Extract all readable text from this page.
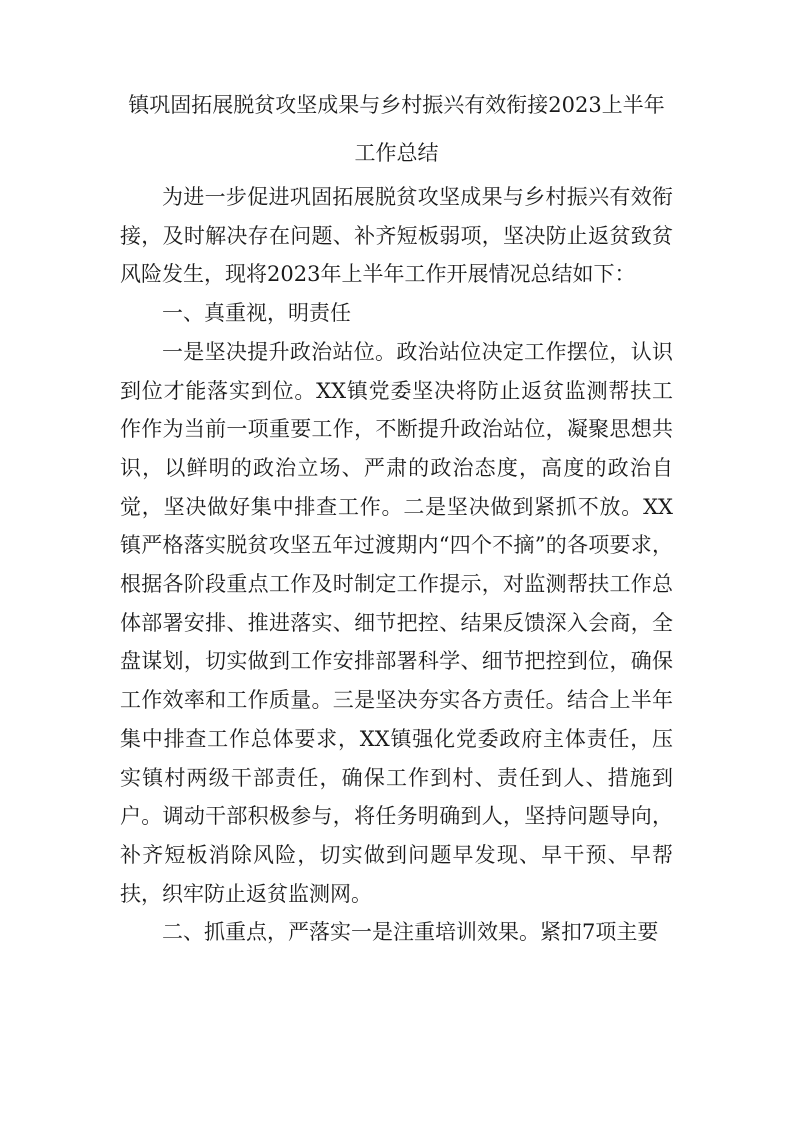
镇巩固拓展脱贫攻坚成果与乡村振兴有效衔接2023上半年
工作总结

为进一步促进巩固拓展脱贫攻坚成果与乡村振兴有效衔接，及时解决存在问题、补齐短板弱项，坚决防止返贫致贫风险发生，现将2023年上半年工作开展情况总结如下：

一、真重视，明责任

一是坚决提升政治站位。政治站位决定工作摆位，认识到位才能落实到位。XX镇党委坚决将防止返贫监测帮扶工作作为当前一项重要工作，不断提升政治站位，凝聚思想共识，以鲜明的政治立场、严肃的政治态度，高度的政治自觉，坚决做好集中排查工作。二是坚决做到紧抓不放。XX镇严格落实脱贫攻坚五年过渡期内“四个不摘”的各项要求，根据各阶段重点工作及时制定工作提示，对监测帮扶工作总体部署安排、推进落实、细节把控、结果反馈深入会商，全盘谋划，切实做到工作安排部署科学、细节把控到位，确保工作效率和工作质量。三是坚决夯实各方责任。结合上半年集中排查工作总体要求，XX镇强化党委政府主体责任，压实镇村两级干部责任，确保工作到村、责任到人、措施到户。调动干部积极参与，将任务明确到人，坚持问题导向，补齐短板消除风险，切实做到问题早发现、早干预、早帮扶，织牢防止返贫监测网。

二、抓重点，严落实一是注重培训效果。紧扣7项主要
